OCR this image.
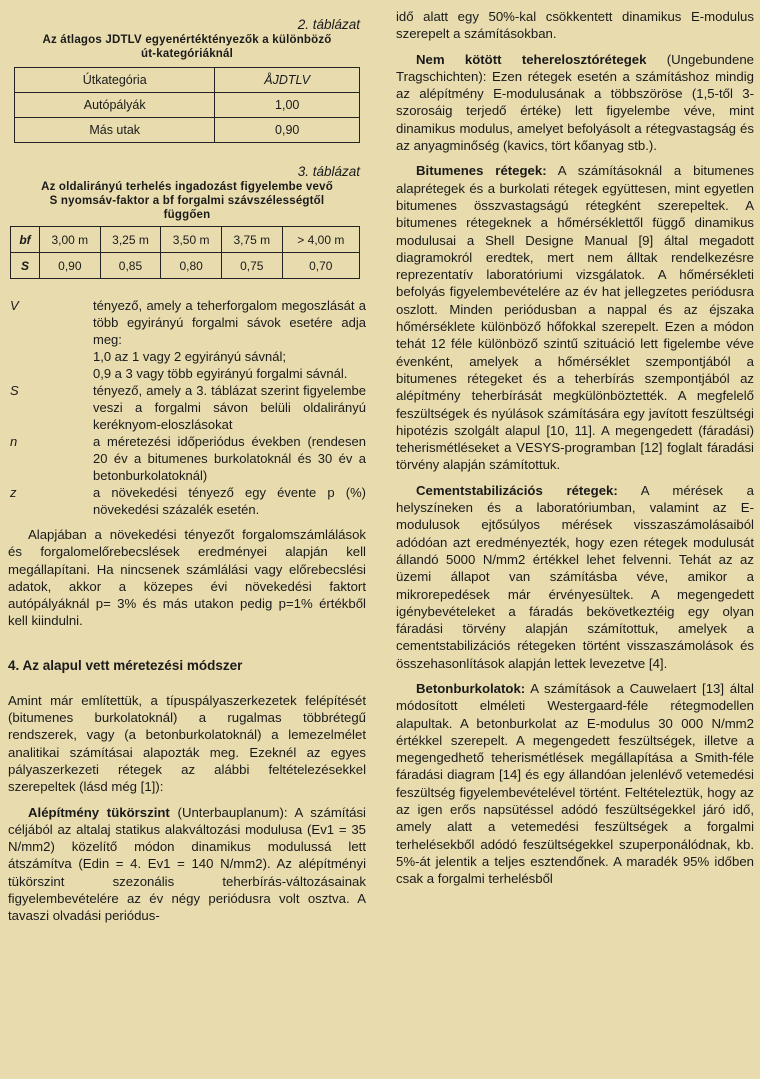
2. táblázat
Az átlagos JDTLV egyenértéktényezők a különböző
út-kategóriáknál
Útkategória	ÅJDTLV
Autópályák	1,00
Más utak	0,90
3. táblázat
Az oldalirányú terhelés ingadozást figyelembe vevő
S nyomsáv-faktor a bf forgalmi szávszélességtől
függően
bf	3,00 m	3,25 m	3,50 m	3,75 m	> 4,00 m
S	0,90	0,85	0,80	0,75	0,70
V	tényező, amely a teherforgalom megoszlását a több egyirányú forgalmi sávok esetére adja meg:
1,0 az 1 vagy 2 egyirányú sávnál;
0,9 a 3 vagy több egyirányú forgalmi sávnál.
S	tényező, amely a 3. táblázat szerint figyelembe veszi a forgalmi sávon belüli oldalirányú keréknyom-eloszlásokat
n	a méretezési időperiódus években (rendesen 20 év a bitumenes burkolatoknál és 30 év a betonburkolatoknál)
z	a növekedési tényező egy évente p (%) növekedési százalék esetén.

Alapjában a növekedési tényezőt forgalomszámlálások és forgalomelőrebecslések eredményei alapján kell megállapítani. Ha nincsenek számlálási vagy előrebecslési adatok, akkor a közepes évi növekedési faktort autópályáknál p= 3% és más utakon pedig p=1% értékből kell kiindulni.

4. Az alapul vett méretezési módszer

Amint már említettük, a típuspályaszerkezetek felépítését (bitumenes burkolatoknál) a rugalmas többrétegű rendszerek, vagy (a betonburkolatoknál) a lemezelmélet analitikai számításai alapozták meg. Ezeknél az egyes pályaszerkezeti rétegek az alábbi feltételezésekkel szerepeltek (lásd még [1]):

Alépítmény tükörszint (Unterbauplanum): A számítási céljából az altalaj statikus alakváltozási modulusa (Ev1 = 35 N/mm2) közelítő módon dinamikus modulussá lett átszámítva (Edin = 4. Ev1 = 140 N/mm2). Az alépítményi tükörszint szezonális teherbírás-változásainak figyelembevételére az év négy periódusra volt osztva. A tavaszi olvadási periódus-

idő alatt egy 50%-kal csökkentett dinamikus E-modulus szerepelt a számításokban.

Nem kötött teherelosztórétegek (Ungebundene Tragschichten): Ezen rétegek esetén a számításhoz mindig az alépítmény E-modulusának a többszöröse (1,5-től 3-szorosáig terjedő értéke) lett figyelembe véve, mint dinamikus modulus, amelyet befolyásolt a rétegvastagság és az anyagminőség (kavics, tört kőanyag stb.).

Bitumenes rétegek: A számításoknál a bitumenes alaprétegek és a burkolati rétegek együttesen, mint egyetlen bitumenes összvastagságú rétegként szerepeltek. A bitumenes rétegeknek a hőmérséklettől függő dinamikus modulusai a Shell Designe Manual [9] által megadott diagramokról eredtek, mert nem álltak rendelkezésre reprezentatív laboratóriumi vizsgálatok. A hőmérsékleti befolyás figyelembevételére az év hat jellegzetes periódusra oszlott. Minden periódusban a nappal és az éjszaka hőmérséklete különböző hőfokkal szerepelt. Ezen a módon tehát 12 féle különböző szintű szituáció lett figelembe véve évenként, amelyek a hőmérséklet szempontjából a bitumenes rétegeket és a teherbírás szempontjából az alépítmény teherbírását megkülönböztették. A megfelelő feszültségek és nyúlások számítására egy javított feszültségi hipotézis szolgált alapul [10, 11]. A megengedett (fáradási) teherismétléseket a VESYS-programban [12] foglalt fáradási törvény alapján számítottuk.

Cementstabilizációs rétegek: A mérések a helyszíneken és a laboratóriumban, valamint az E-modulusok ejtősúlyos mérések visszaszámolásaiból adódóan azt eredményezték, hogy ezen rétegek modulusát állandó 5000 N/mm2 értékkel lehet felvenni. Tehát az az üzemi állapot van számításba véve, amikor a mikrorepedések már érvényesültek. A megengedett igénybevételeket a fáradás bekövetkeztéig egy olyan fáradási törvény alapján számítottuk, amelyek a cementstabilizációs rétegeken történt visszaszámolások és összehasonlítások alapján lettek levezetve [4].

Betonburkolatok: A számítások a Cauwelaert [13] által módosított elméleti Westergaard-féle rétegmodellen alapultak. A betonburkolat az E-modulus 30 000 N/mm2 értékkel szerepelt. A megengedett feszültségek, illetve a megengedhető teherismétlések megállapítása a Smith-féle fáradási diagram [14] és egy állandóan jelenlévő vetemedési feszültség figyelembevételével történt. Feltételeztük, hogy az az igen erős napsütéssel adódó feszültségekkel járó idő, amely alatt a vetemedési feszültségek a forgalmi terhelésekből adódó feszültségekkel szuperponálódnak, kb. 5%-át jelentik a teljes esztendőnek. A maradék 95% időben csak a forgalmi terhelésből
